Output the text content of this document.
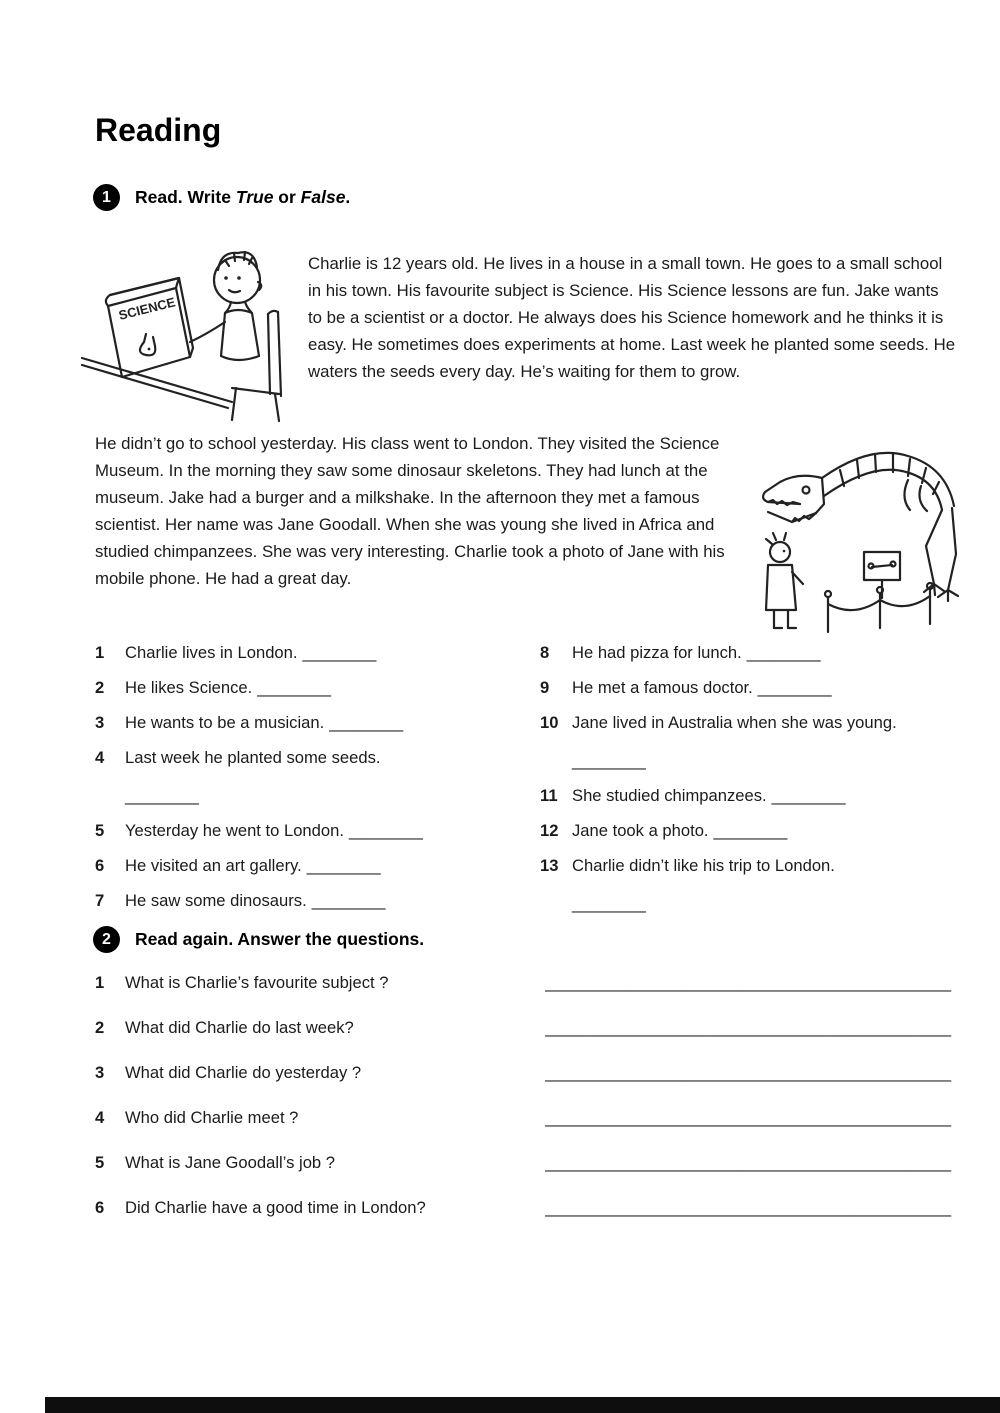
Reading
1	Read. Write True or False.
SCIENCE
Charlie is 12 years old. He lives in a house in a small town. He goes to a small school in his town. His favourite subject is Science. His Science lessons are fun. Jake wants to be a scientist or a doctor. He always does his Science homework and he thinks it is easy. He sometimes does experiments at home. Last week he planted some seeds. He waters the seeds every day. He’s waiting for them to grow.
He didn’t go to school yesterday. His class went to London. They visited the Science Museum. In the morning they saw some dinosaur skeletons. They had lunch at the museum. Jake had a burger and a milkshake. In the afternoon they met a famous scientist. Her name was Jane Goodall. When she was young she lived in Africa and studied chimpanzees. She was very interesting. Charlie took a photo of Jane with his mobile phone. He had a great day.
1 Charlie lives in London. ________
2 He likes Science. ________
3 He wants to be a musician. ________
4 Last week he planted some seeds.
________
5 Yesterday he went to London. ________
6 He visited an art gallery. ________
7 He saw some dinosaurs. ________
8 He had pizza for lunch. ________
9 He met a famous doctor. ________
10 Jane lived in Australia when she was young.
________
11 She studied chimpanzees. ________
12 Jane took a photo. ________
13 Charlie didn’t like his trip to London.
________
2	Read again. Answer the questions.
1	What is Charlie’s favourite subject ?	____________________________________________
2	What did Charlie do last week?	____________________________________________
3	What did Charlie do yesterday ?	____________________________________________
4	Who did Charlie meet ?	____________________________________________
5	What is Jane Goodall’s job ?	____________________________________________
6	Did Charlie have a good time in London?	____________________________________________
